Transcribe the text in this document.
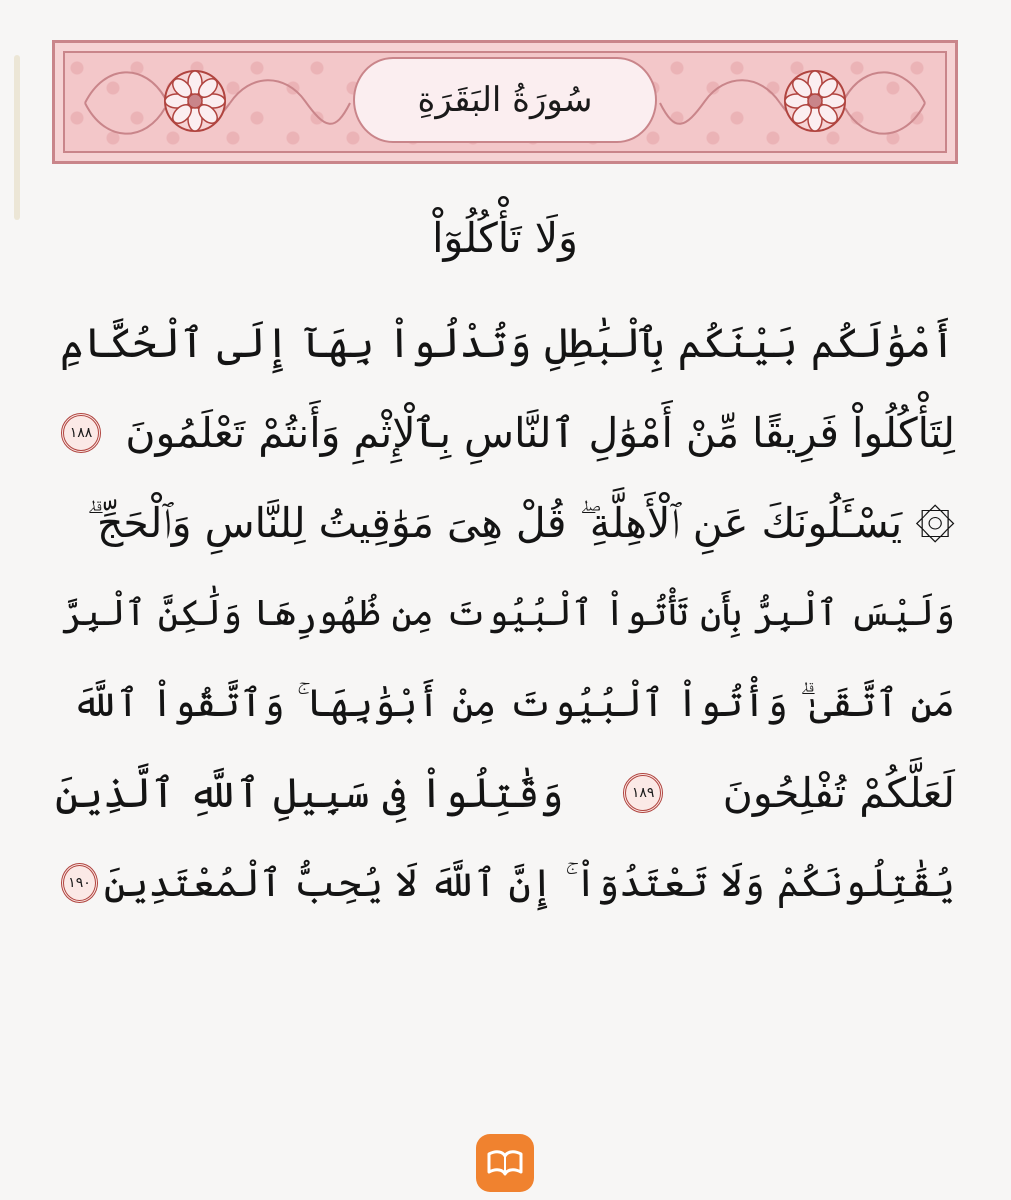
سُورَةُ البَقَرَةِ
وَلَا تَأْكُلُوٓاْ
أَمْوَٰلَكُم بَيْنَكُم بِٱلْبَٰطِلِ وَتُدْلُواْ بِهَآ إِلَى ٱلْحُكَّامِ
لِتَأْكُلُواْ فَرِيقًا مِّنْ أَمْوَٰلِ ٱلنَّاسِ بِٱلْإِثْمِ وَأَنتُمْ تَعْلَمُونَ
١٨٨
۞ يَسْـَٔلُونَكَ عَنِ ٱلْأَهِلَّةِ ۖ قُلْ هِىَ مَوَٰقِيتُ لِلنَّاسِ وَٱلْحَجِّ ۗ
وَلَيْسَ ٱلْبِرُّ بِأَن تَأْتُواْ ٱلْبُيُوتَ مِن ظُهُورِهَا وَلَٰكِنَّ ٱلْبِرَّ
مَنِ ٱتَّقَىٰ ۗ وَأْتُواْ ٱلْبُيُوتَ مِنْ أَبْوَٰبِهَا ۚ وَٱتَّقُواْ ٱللَّهَ
لَعَلَّكُمْ تُفْلِحُونَ
١٨٩
وَقَٰتِلُواْ فِى سَبِيلِ ٱللَّهِ ٱلَّذِينَ
يُقَٰتِلُونَكُمْ وَلَا تَعْتَدُوٓاْ ۚ إِنَّ ٱللَّهَ لَا يُحِبُّ ٱلْمُعْتَدِينَ
١٩٠
